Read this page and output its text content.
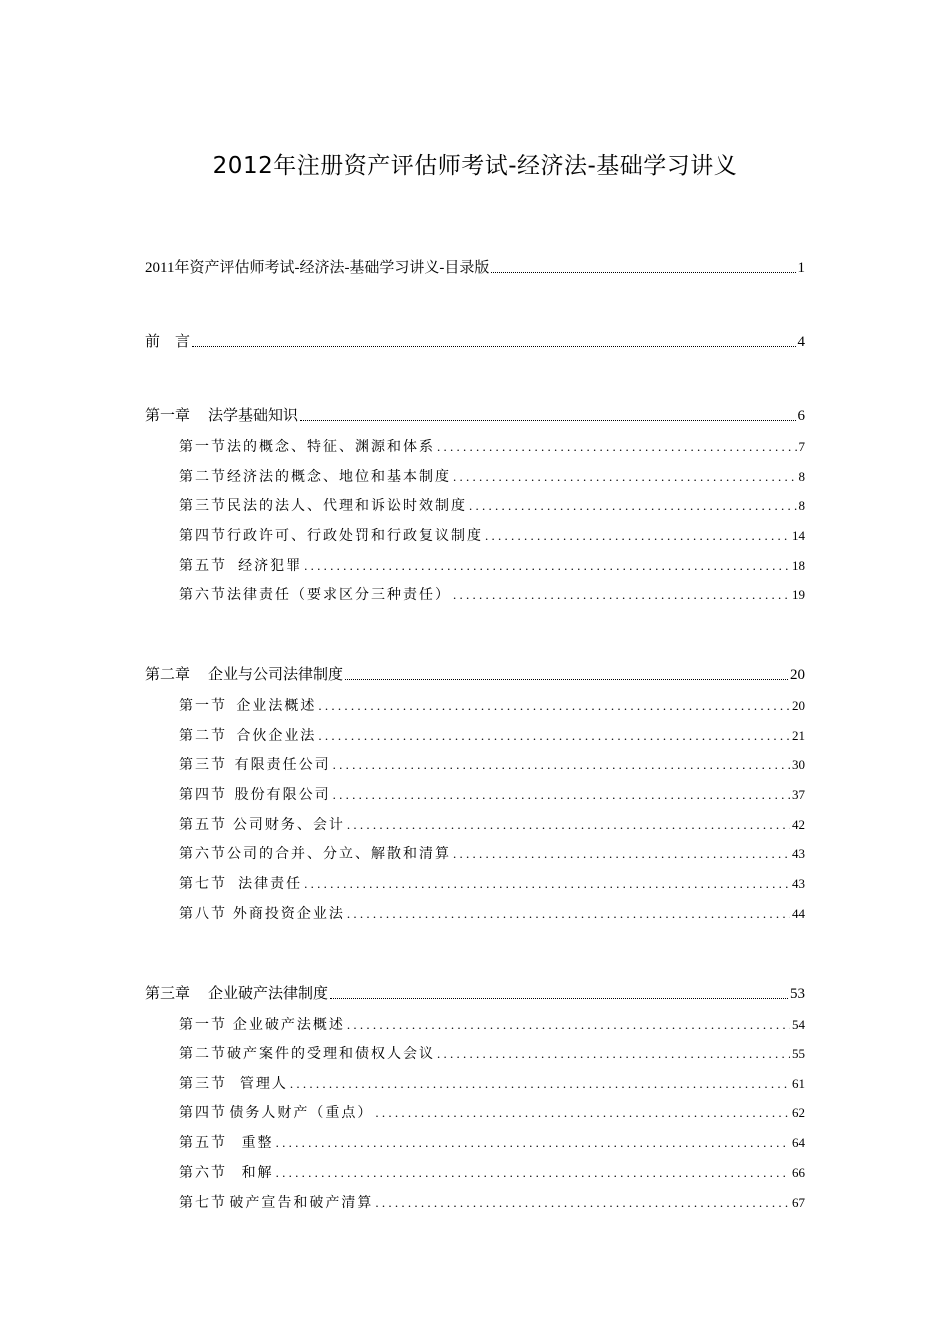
2012年注册资产评估师考试-经济法-基础学习讲义
2011年资产评估师考试-经济法-基础学习讲义-目录版	1
前　言	4
第一章 法学基础知识	6
第一节 法的概念、特征、渊源和体系 . . .	7
第二节 经济法的概念、地位和基本制度 . . .	8
第三节 民法的法人、代理和诉讼时效制度 . . .	8
第四节 行政许可、行政处罚和行政复议制度 . . .	14
第五节 经济犯罪 . . .	18
第六节 法律责任（要求区分三种责任） . . .	19
第二章 企业与公司法律制度	20
第一节 企业法概述 . . .	20
第二节 合伙企业法 . . .	21
第三节 有限责任公司 . . .	30
第四节 股份有限公司 . . .	37
第五节 公司财务、会计 . . .	42
第六节 公司的合并、分立、解散和清算 . . .	43
第七节 法律责任 . . .	43
第八节 外商投资企业法 . . .	44
第三章 企业破产法律制度	53
第一节 企业破产法概述 . . .	54
第二节 破产案件的受理和债权人会议 . . .	55
第三节 管理人 . . .	61
第四节 债务人财产（重点） . . .	62
第五节	重整 . . .	64
第六节	和解 . . .	66
第七节 破产宣告和破产清算 . . .	67
